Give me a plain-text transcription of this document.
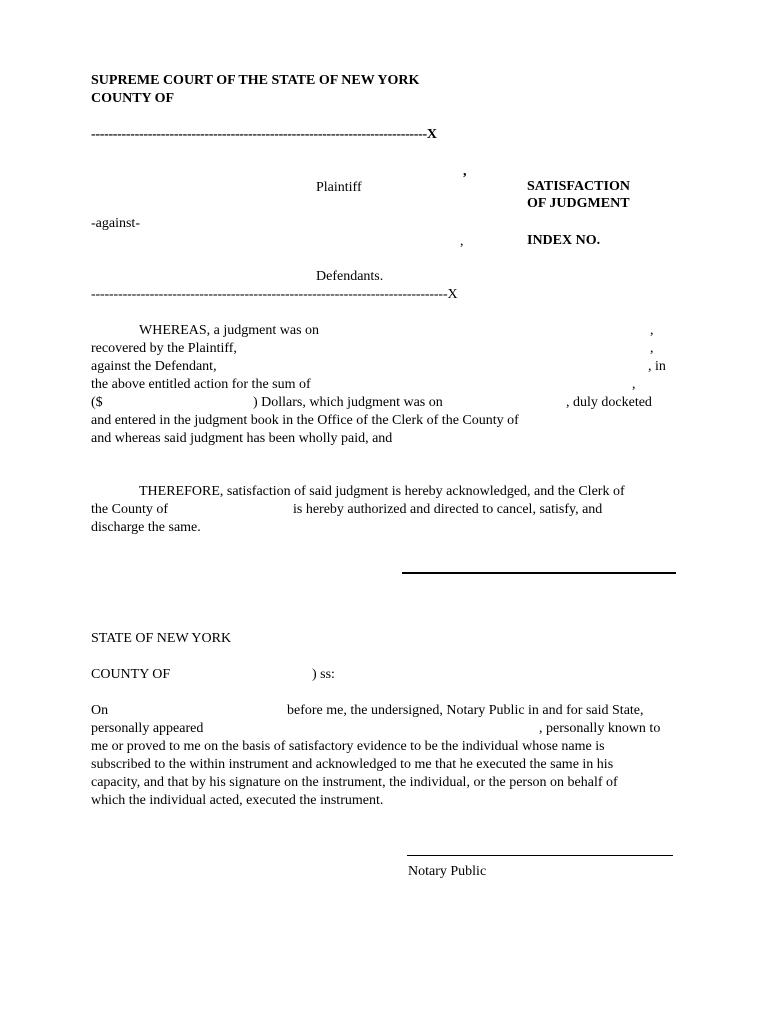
SUPREME COURT OF THE STATE OF NEW YORK
COUNTY OF
-----------------------------------------------------------------------------X
,
Plaintiff	SATISFACTION
OF JUDGMENT
-against-
,	INDEX NO.
Defendants.
-------------------------------------------------------------------------------X
WHEREAS, a judgment was on	,
recovered by the Plaintiff,	,
against the Defendant,	, in
the above entitled action for the sum of	,
($	) Dollars, which judgment was on	, duly docketed
and entered in the judgment book in the Office of the Clerk of the County of
and whereas said judgment has been wholly paid, and
THEREFORE, satisfaction of said judgment is hereby acknowledged, and the Clerk of
the County of	is hereby authorized and directed to cancel, satisfy, and
discharge the same.
STATE OF NEW YORK
COUNTY OF	) ss:
On	before me, the undersigned, Notary Public in and for said State,
personally appeared	, personally known to
me or proved to me on the basis of satisfactory evidence to be the individual whose name is
subscribed to the within instrument and acknowledged to me that he executed the same in his
capacity, and that by his signature on the instrument, the individual, or the person on behalf of
which the individual acted, executed the instrument.
Notary Public
